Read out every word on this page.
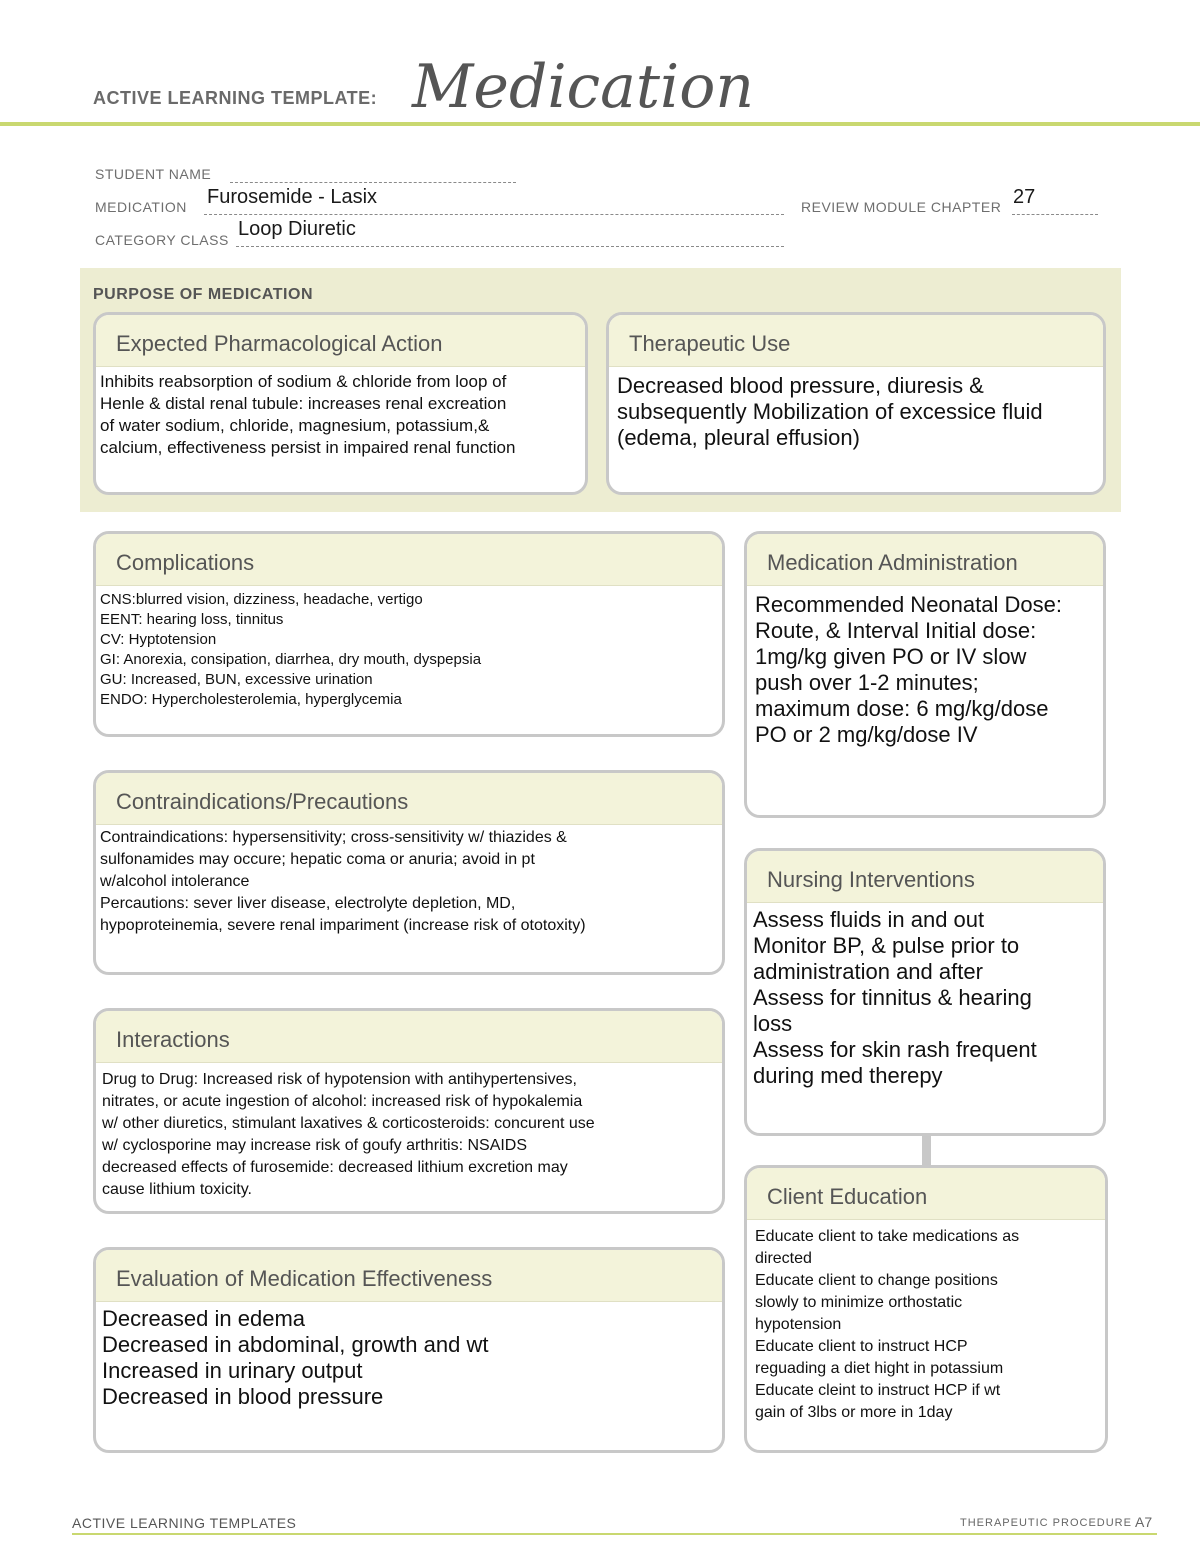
ACTIVE LEARNING TEMPLATE: Medication
STUDENT NAME
MEDICATION Furosemide - Lasix	REVIEW MODULE CHAPTER 27
CATEGORY CLASS Loop Diuretic
PURPOSE OF MEDICATION
Expected Pharmacological Action
Inhibits reabsorption of sodium & chloride from loop of
Henle & distal renal tubule: increases renal excreation
of water sodium, chloride, magnesium, potassium,&
calcium, effectiveness persist in impaired renal function
Therapeutic Use
Decreased blood pressure, diuresis &
subsequently Mobilization of excessice fluid
(edema, pleural effusion)
Complications
CNS:blurred vision, dizziness, headache, vertigo
EENT: hearing loss, tinnitus
CV: Hyptotension
GI: Anorexia, consipation, diarrhea, dry mouth, dyspepsia
GU: Increased, BUN, excessive urination
ENDO: Hypercholesterolemia, hyperglycemia
Medication Administration
Recommended Neonatal Dose:
Route, & Interval Initial dose:
1mg/kg given PO or IV slow
push over 1-2 minutes;
maximum dose: 6 mg/kg/dose
PO or 2 mg/kg/dose IV
Contraindications/Precautions
Contraindications: hypersensitivity; cross-sensitivity w/ thiazides &
sulfonamides may occure; hepatic coma or anuria; avoid in pt
w/alcohol intolerance
Percautions: sever liver disease, electrolyte depletion, MD,
hypoproteinemia, severe renal impariment (increase risk of ototoxity)
Nursing Interventions
Assess fluids in and out
Monitor BP, & pulse prior to
administration and after
Assess for tinnitus & hearing
loss
Assess for skin rash frequent
during med therepy
Interactions
Drug to Drug: Increased risk of hypotension with antihypertensives,
nitrates, or acute ingestion of alcohol: increased risk of hypokalemia
w/ other diuretics, stimulant laxatives & corticosteroids: concurent use
w/ cyclosporine may increase risk of goufy arthritis: NSAIDS
decreased effects of furosemide: decreased lithium excretion may
cause lithium toxicity.	Client Education
Educate client to take medications as
directed
Educate client to change positions
slowly to minimize orthostatic
hypotension
Educate client to instruct HCP
reguading a diet hight in potassium
Educate cleint to instruct HCP if wt
gain of 3lbs or more in 1day
Evaluation of Medication Effectiveness
Decreased in edema
Decreased in abdominal, growth and wt
Increased in urinary output
Decreased in blood pressure
ACTIVE LEARNING TEMPLATES	THERAPEUTIC PROCEDURE A7
